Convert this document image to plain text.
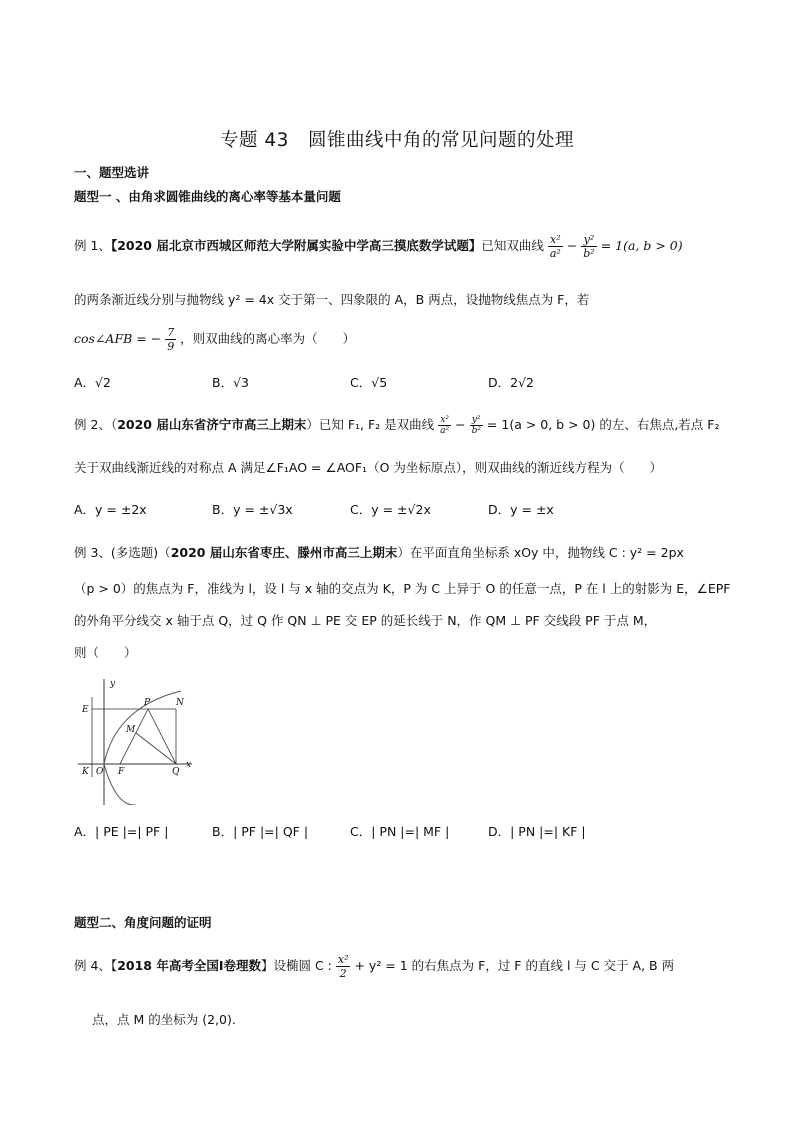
专题 43　圆锥曲线中角的常见问题的处理
一、题型选讲
题型一 、由角求圆锥曲线的离心率等基本量问题
例 1、【2020 届北京市西城区师范大学附属实验中学高三摸底数学试题】已知双曲线 $\frac{\text{x²}}{\text{a²}} - \frac{\text{y²}}{\text{b²}} = 1(a$, b > 0)
的两条渐近线分别与抛物线 y² = 4x 交于第一、四象限的 A，B 两点，设抛物线焦点为 F，若
cos∠AFB = − $\frac{7}{9}$ ，则双曲线的离心率为（　　）
A．√2	B．√3	C．√5	D．2√2
例 2、（2020 届山东省济宁市高三上期末）已知 F₁, F₂ 是双曲线 $\frac{\text{x²}}{\text{a²}} - \frac{\text{y²}}{\text{b²}} = 1(a > 0$, b > 0) 的左、右焦点,若点 F₂
关于双曲线渐近线的对称点 A 满足∠F₁AO = ∠AOF₁（O 为坐标原点），则双曲线的渐近线方程为（　　）
A．y = ±2x	B．y = ±√3x	C．y = ±√2x	D．y = ±x
例 3、(多选题)（2020 届山东省枣庄、滕州市高三上期末）在平面直角坐标系 xOy 中，抛物线 C : y² = 2px
（p > 0）的焦点为 F，准线为 l，设 l 与 x 轴的交点为 K，P 为 C 上异于 O 的任意一点，P 在 l 上的射影为 E，∠EPF
的外角平分线交 x 轴于点 Q，过 Q 作 QN ⊥ PE 交 EP 的延长线于 N，作 QM ⊥ PF 交线段 PF 于点 M，
则（　　）
y
E
P	N
M
K O F	Q
x
A．| PE |=| PF |	B．| PF |=| QF |	C．| PN |=| MF |	D．| PN |=| KF |
题型二、角度问题的证明
例 4、【2018 年高考全国Ⅰ卷理数】设椭圆 C : $\frac{\text{x²}}{2} + y^2 = 1$ 的右焦点为 F，过 F 的直线 l 与 C 交于 A, B 两
点，点 M 的坐标为 (2,0).
